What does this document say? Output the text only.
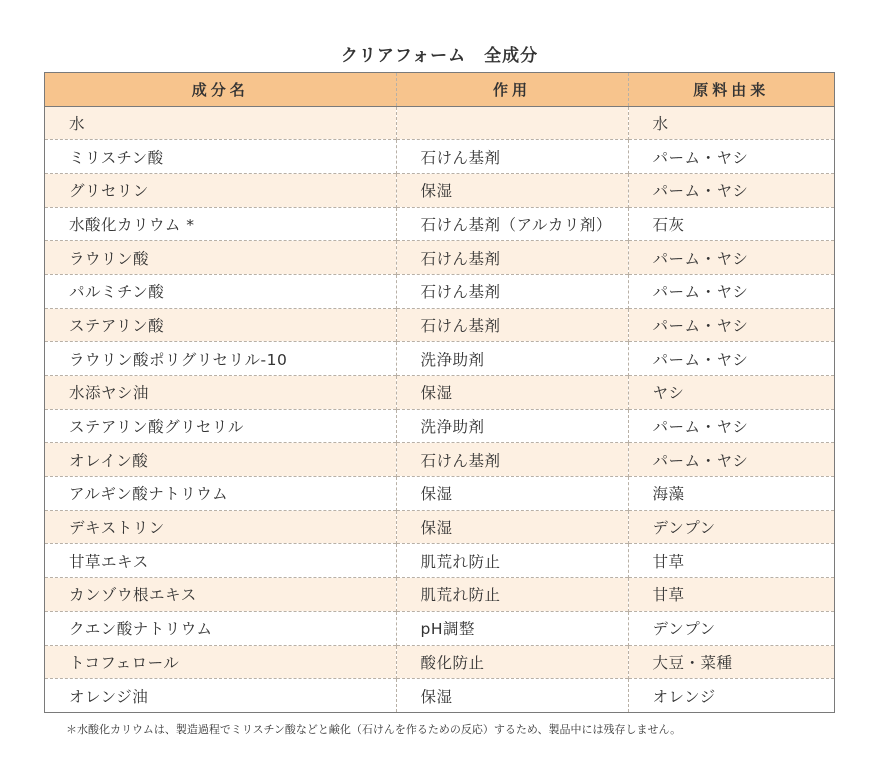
クリアフォーム　全成分
成分名	作用	原料由来
水		水
ミリスチン酸	石けん基剤	パーム・ヤシ
グリセリン	保湿	パーム・ヤシ
水酸化カリウム *	石けん基剤（アルカリ剤）	石灰
ラウリン酸	石けん基剤	パーム・ヤシ
パルミチン酸	石けん基剤	パーム・ヤシ
ステアリン酸	石けん基剤	パーム・ヤシ
ラウリン酸ポリグリセリル-10	洗浄助剤	パーム・ヤシ
水添ヤシ油	保湿	ヤシ
ステアリン酸グリセリル	洗浄助剤	パーム・ヤシ
オレイン酸	石けん基剤	パーム・ヤシ
アルギン酸ナトリウム	保湿	海藻
デキストリン	保湿	デンプン
甘草エキス	肌荒れ防止	甘草
カンゾウ根エキス	肌荒れ防止	甘草
クエン酸ナトリウム	pH調整	デンプン
トコフェロール	酸化防止	大豆・菜種
オレンジ油	保湿	オレンジ
＊水酸化カリウムは、製造過程でミリスチン酸などと鹸化（石けんを作るための反応）するため、製品中には残存しません。
